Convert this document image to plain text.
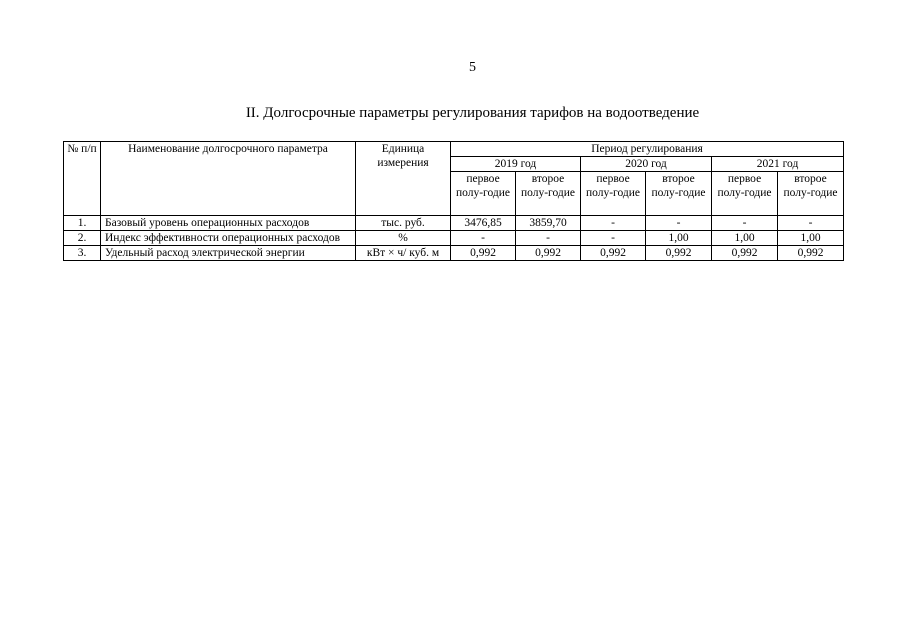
5
II. Долгосрочные параметры регулирования тарифов на водоотведение
№ п/п	Наименование долгосрочного параметра	Единица измерения	Период регулирования					
			2019 год		2020 год		2021 год	
			первое полу-годие	второе полу-годие	первое полу-годие	второе полу-годие	первое полу-годие	второе полу-годие
1.	Базовый уровень операционных расходов	тыс. руб.	3476,85	3859,70	-	-	-	-
2.	Индекс эффективности операционных расходов	%	-	-	-	1,00	1,00	1,00
3.	Удельный расход электрической энергии	кВт × ч/ куб. м	0,992	0,992	0,992	0,992	0,992	0,992
